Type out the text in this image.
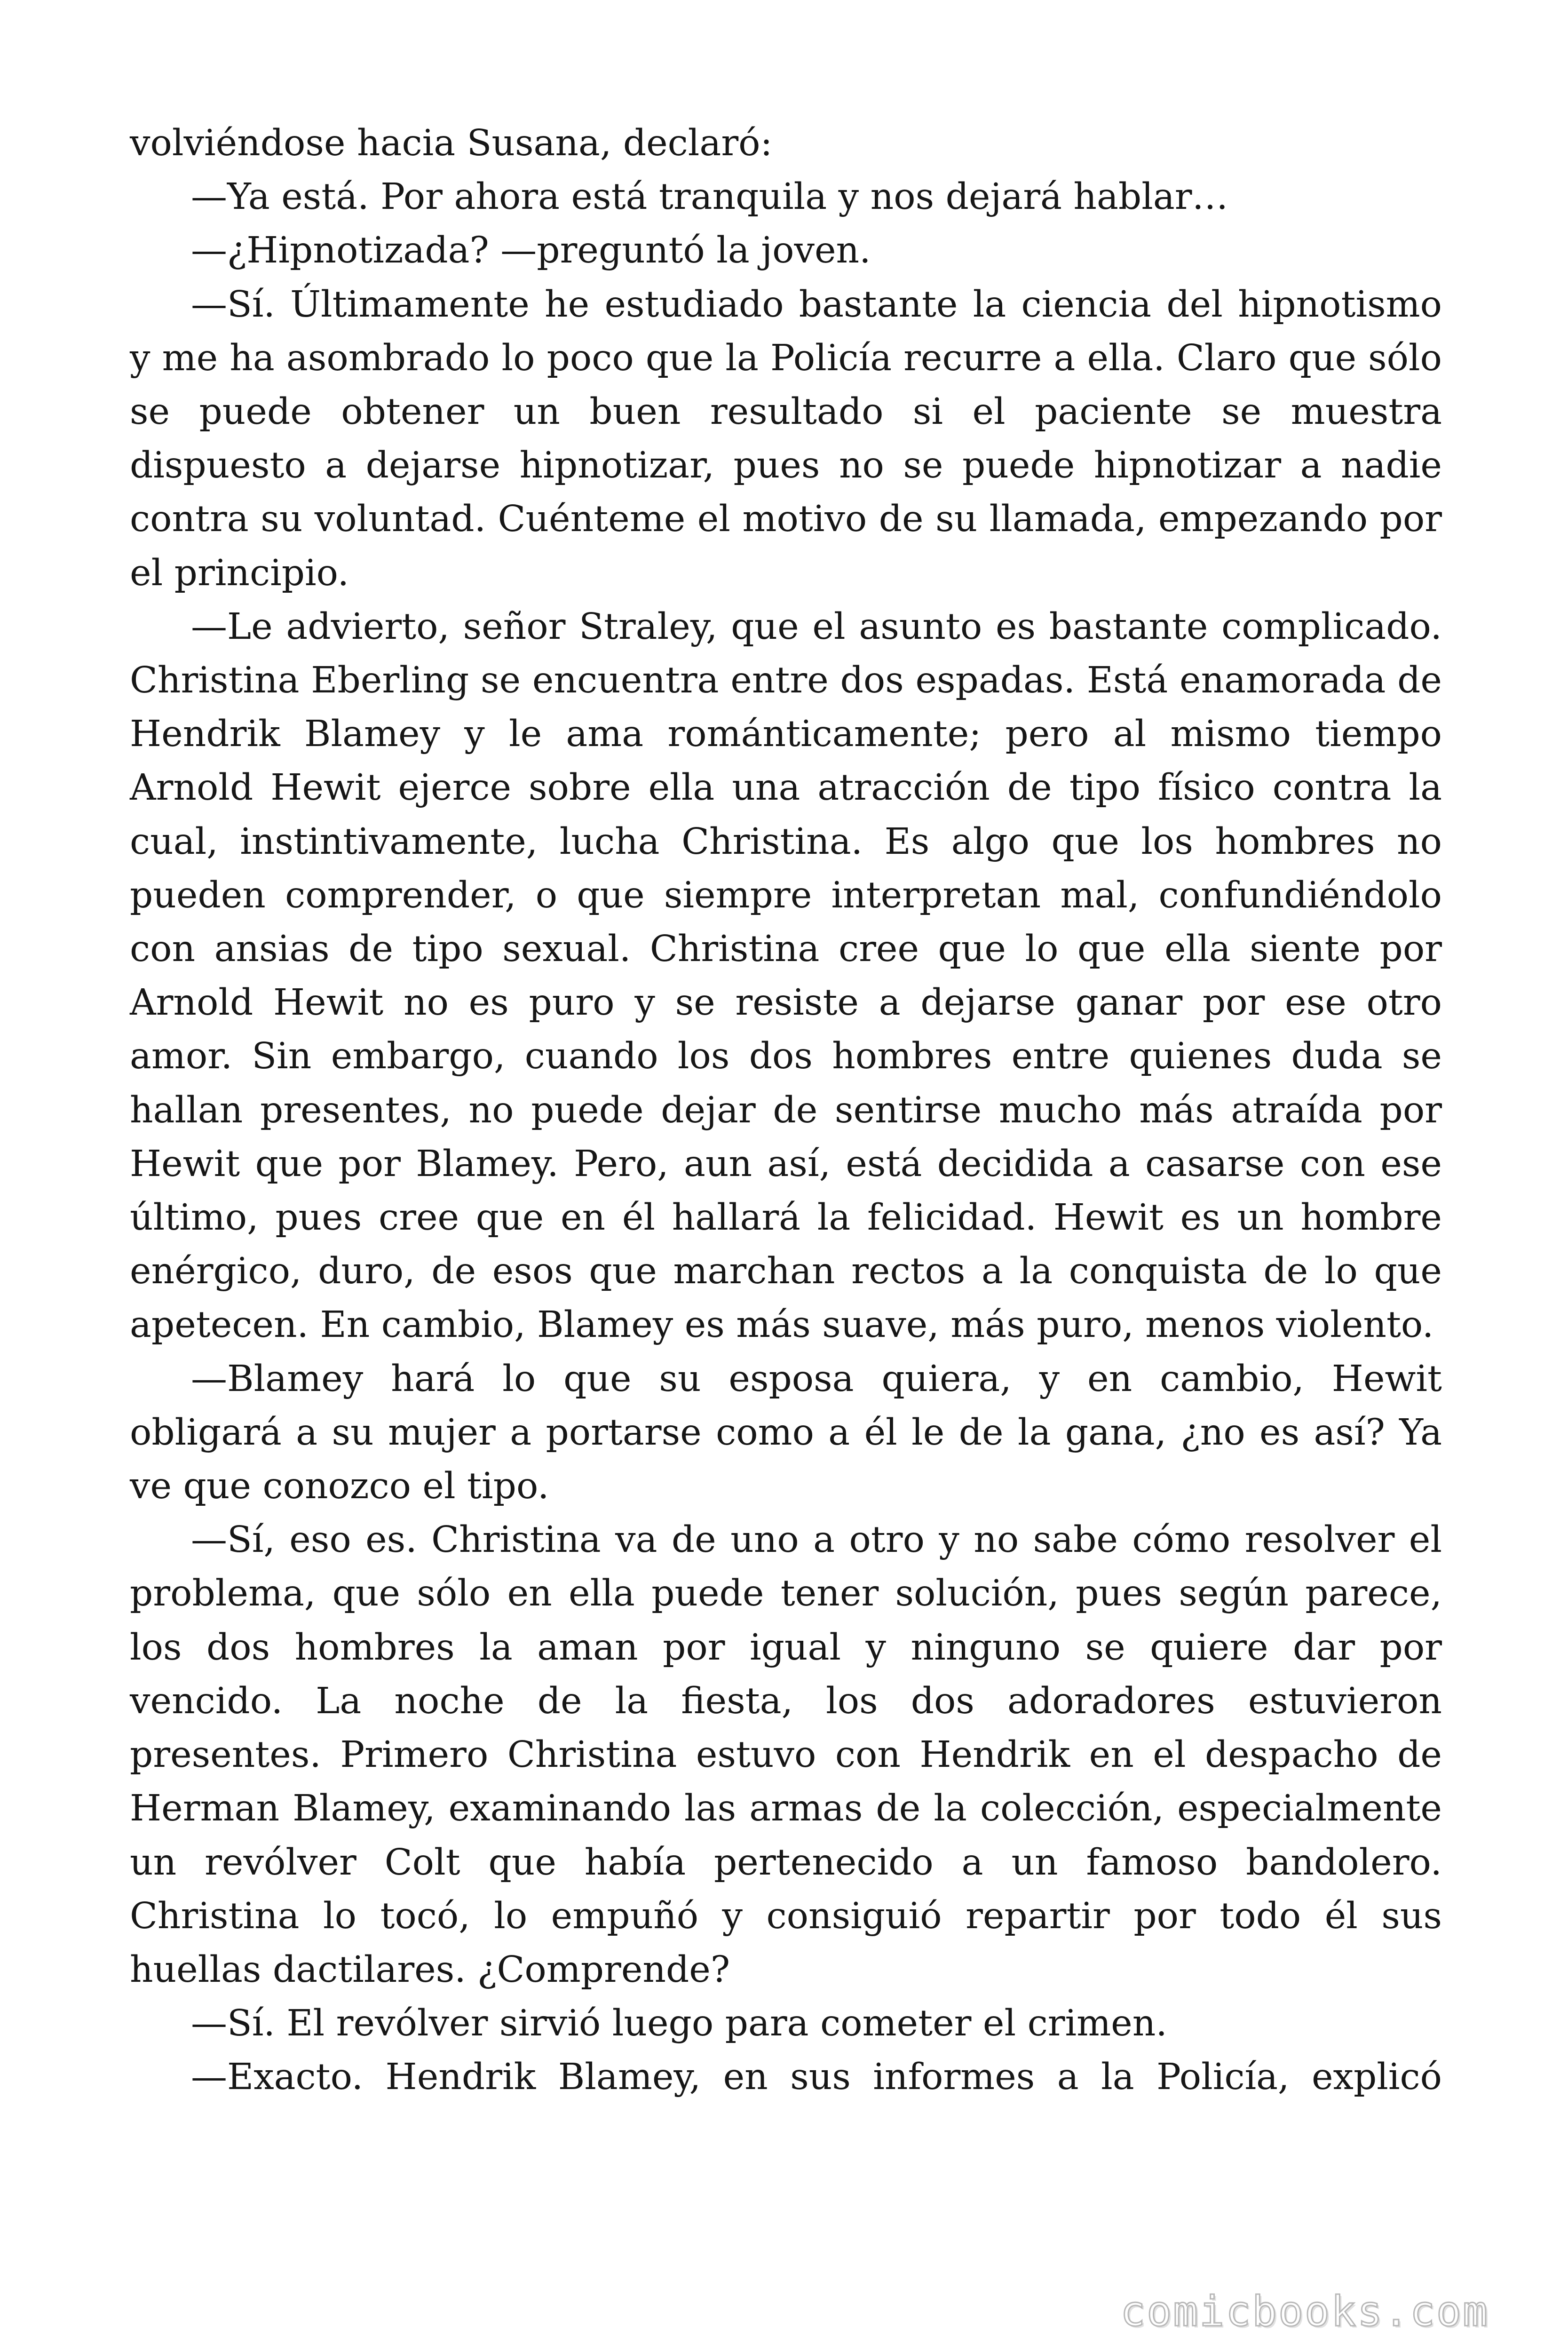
volviéndose hacia Susana, declaró:

—Ya está. Por ahora está tranquila y nos dejará hablar…

—¿Hipnotizada? —preguntó la joven.

—Sí. Últimamente he estudiado bastante la ciencia del hipnotismo y me ha asombrado lo poco que la Policía recurre a ella. Claro que sólo se puede obtener un buen resultado si el paciente se muestra dispuesto a dejarse hipnotizar, pues no se puede hipnotizar a nadie contra su voluntad. Cuénteme el motivo de su llamada, empezando por el principio.

—Le advierto, señor Straley, que el asunto es bastante complicado. Christina Eberling se encuentra entre dos espadas. Está enamorada de Hendrik Blamey y le ama románticamente; pero al mismo tiempo Arnold Hewit ejerce sobre ella una atracción de tipo físico contra la cual, instintivamente, lucha Christina. Es algo que los hombres no pueden comprender, o que siempre interpretan mal, confundiéndolo con ansias de tipo sexual. Christina cree que lo que ella siente por Arnold Hewit no es puro y se resiste a dejarse ganar por ese otro amor. Sin embargo, cuando los dos hombres entre quienes duda se hallan presentes, no puede dejar de sentirse mucho más atraída por Hewit que por Blamey. Pero, aun así, está decidida a casarse con ese último, pues cree que en él hallará la felicidad. Hewit es un hombre enérgico, duro, de esos que marchan rectos a la conquista de lo que apetecen. En cambio, Blamey es más suave, más puro, menos violento.

—Blamey hará lo que su esposa quiera, y en cambio, Hewit obligará a su mujer a portarse como a él le de la gana, ¿no es así? Ya ve que conozco el tipo.

—Sí, eso es. Christina va de uno a otro y no sabe cómo resolver el problema, que sólo en ella puede tener solución, pues según parece, los dos hombres la aman por igual y ninguno se quiere dar por vencido. La noche de la fiesta, los dos adoradores estuvieron presentes. Primero Christina estuvo con Hendrik en el despacho de Herman Blamey, examinando las armas de la colección, especialmente un revólver Colt que había pertenecido a un famoso bandolero. Christina lo tocó, lo empuñó y consiguió repartir por todo él sus huellas dactilares. ¿Comprende?

—Sí. El revólver sirvió luego para cometer el crimen.

—Exacto. Hendrik Blamey, en sus informes a la Policía, explicó

comicbooks.com
